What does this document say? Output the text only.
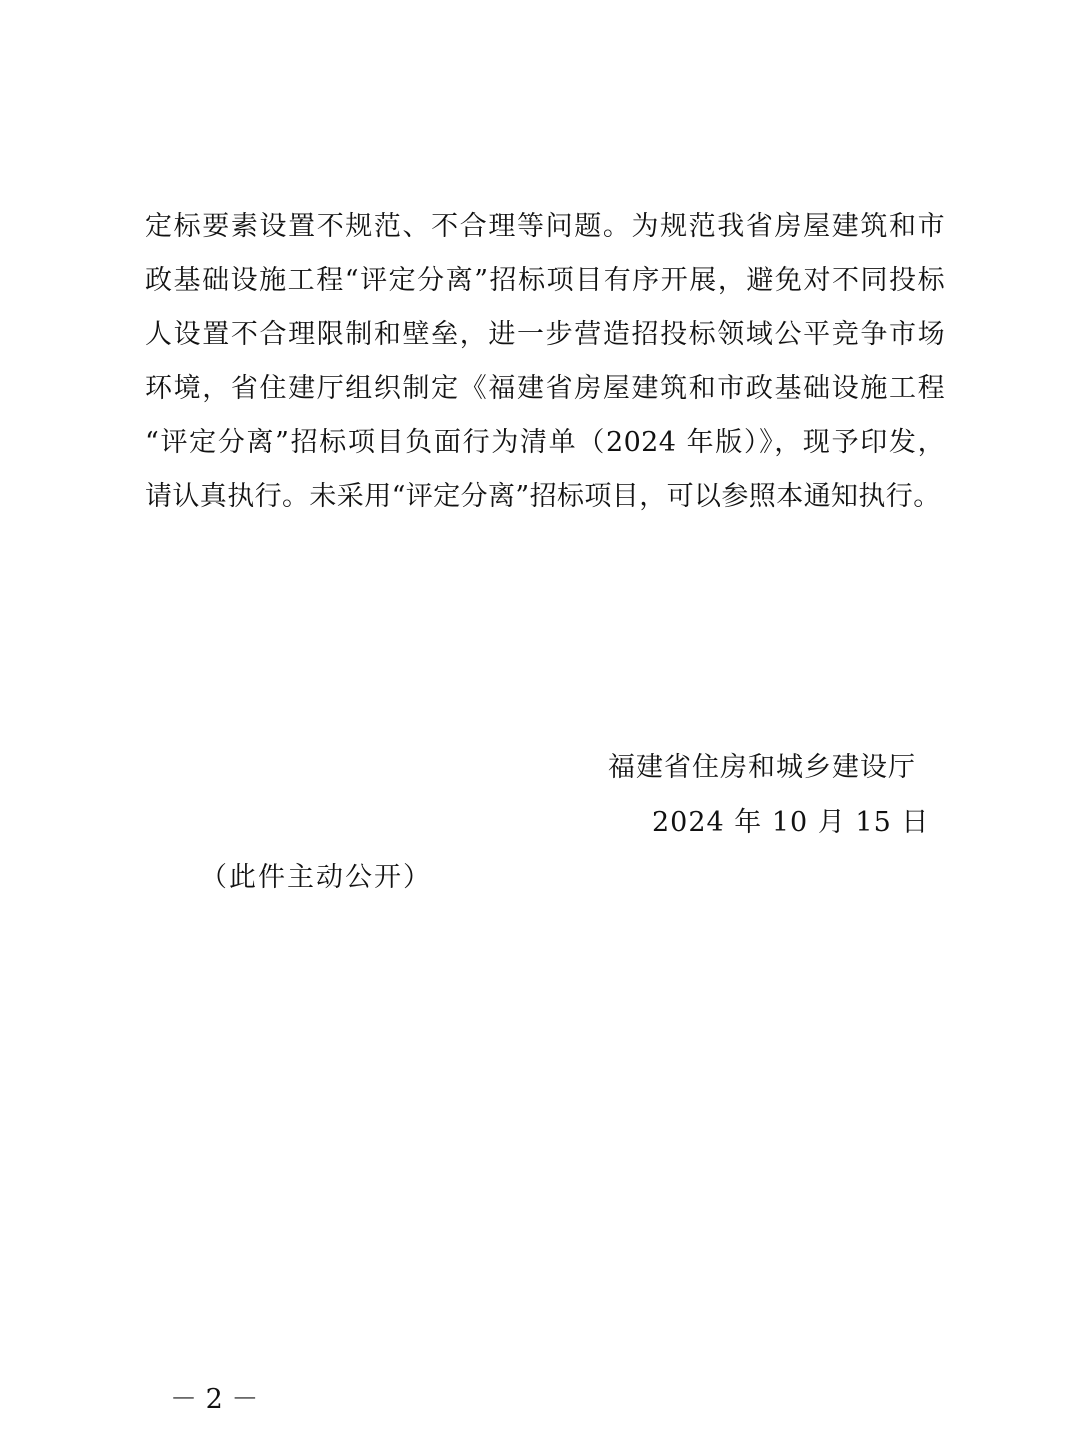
定标要素设置不规范、不合理等问题。为规范我省房屋建筑和市
政基础设施工程“评定分离”招标项目有序开展，避免对不同投标
人设置不合理限制和壁垒，进一步营造招投标领域公平竞争市场
环境，省住建厅组织制定《福建省房屋建筑和市政基础设施工程
“评定分离”招标项目负面行为清单（2024 年版）》，现予印发，
请认真执行。未采用“评定分离”招标项目，可以参照本通知执行。
福建省住房和城乡建设厅
2024 年 10 月 15 日
（此件主动公开）
－ 2 －
